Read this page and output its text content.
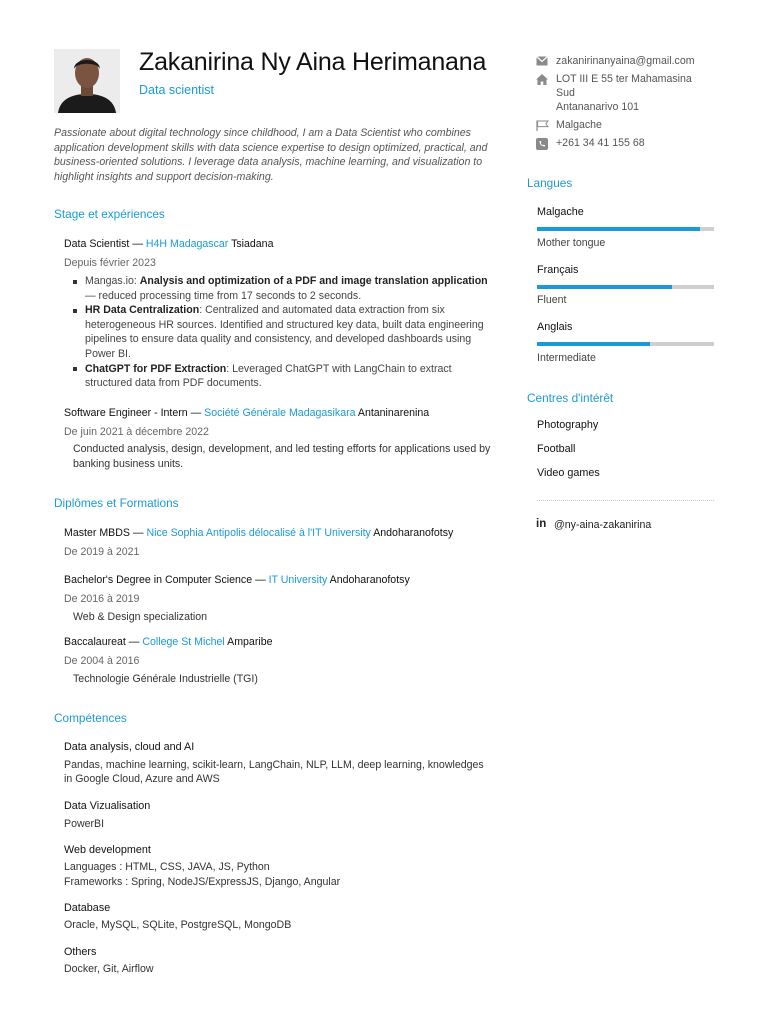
Zakanirina Ny Aina Herimanana
Data scientist
Passionate about digital technology since childhood, I am a Data Scientist who combines application development skills with data science expertise to design optimized, practical, and business-oriented solutions. I leverage data analysis, machine learning, and visualization to highlight insights and support decision-making.
Stage et expériences
Data Scientist — H4H Madagascar Tsiadana
Depuis février 2023
Mangas.io: Analysis and optimization of a PDF and image translation application — reduced processing time from 17 seconds to 2 seconds.
HR Data Centralization: Centralized and automated data extraction from six heterogeneous HR sources. Identified and structured key data, built data engineering pipelines to ensure data quality and consistency, and developed dashboards using Power BI.
ChatGPT for PDF Extraction: Leveraged ChatGPT with LangChain to extract structured data from PDF documents.
Software Engineer - Intern — Société Générale Madagasikara Antaninarenina
De juin 2021 à décembre 2022
Conducted analysis, design, development, and led testing efforts for applications used by banking business units.
Diplômes et Formations
Master MBDS — Nice Sophia Antipolis délocalisé à l'IT University Andoharanofotsy
De 2019 à 2021
Bachelor's Degree in Computer Science — IT University Andoharanofotsy
De 2016 à 2019
Web & Design specialization
Baccalaureat — College St Michel Amparibe
De 2004 à 2016
Technologie Générale Industrielle (TGI)
Compétences
Data analysis, cloud and AI
Pandas, machine learning, scikit-learn, LangChain, NLP, LLM, deep learning, knowledges in Google Cloud, Azure and AWS
Data Vizualisation
PowerBI
Web development
Languages : HTML, CSS, JAVA, JS, Python
Frameworks : Spring, NodeJS/ExpressJS, Django, Angular
Database
Oracle, MySQL, SQLite, PostgreSQL, MongoDB
Others
Docker, Git, Airflow
zakanirinanyaina@gmail.com
LOT III E 55 ter Mahamasina
Sud
Antananarivo 101
Malgache
+261 34 41 155 68
Langues
Malgache
Mother tongue
Français
Fluent
Anglais
Intermediate
Centres d'intérêt
Photography
Football
Video games
in @ny-aina-zakanirina
